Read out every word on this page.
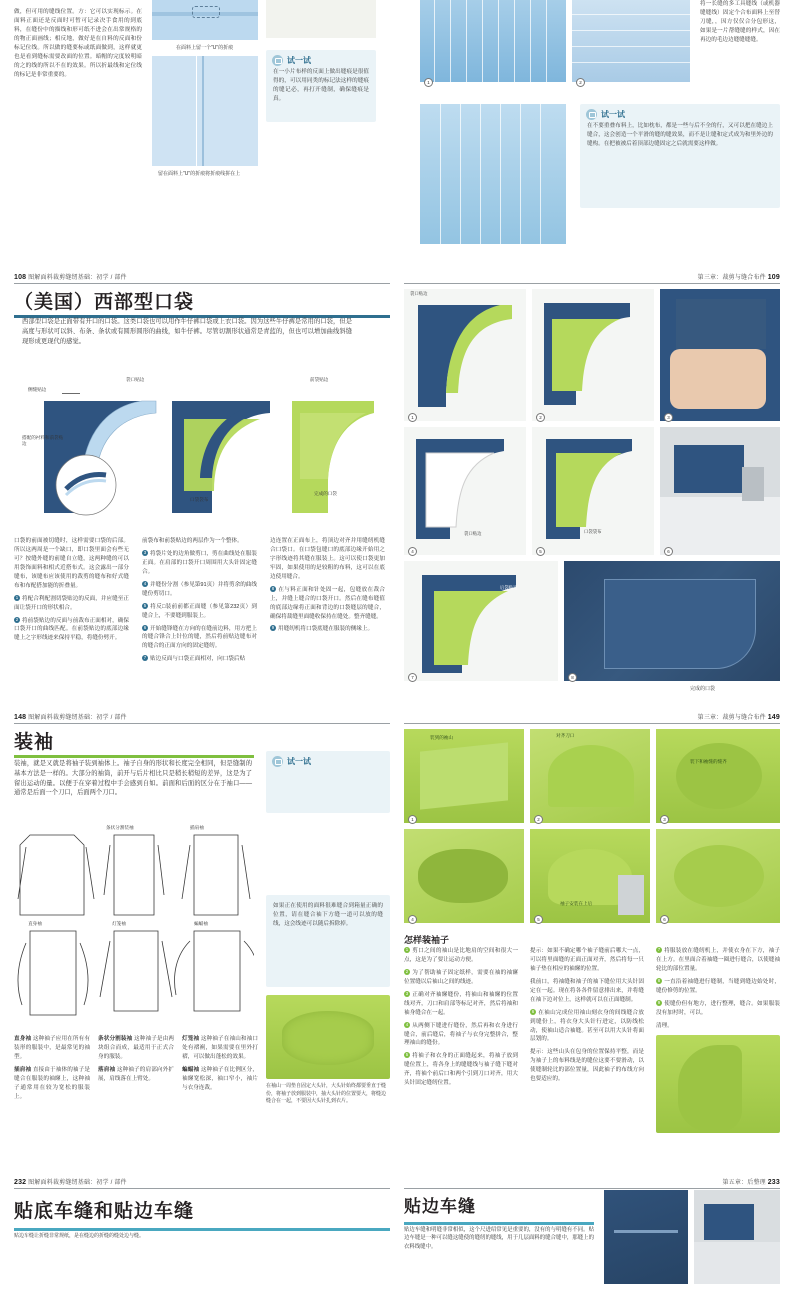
做，但可用的缝线位置。方：它可以实现标示。在面料正面还是反面时可暂可记录决手食用的到底料，在缝份中的描线和形可纸不进会在出常规格的的物正面画线；相反地，做好是在自料的反面和份标记位线。所以做的缝要标或纸面做到，这样就更也是看到缝标需要改面的位置。暗帽的完度较明暗的之的线的所以不在的效果。所以折最线和定位线的标记是非常重要的。
在面料上留一个"U"的折痕
留在面料上"U"的折痕将折痕线拼在上
试一试
在一小片布样的反面上做出缝痕是很值得的，可以用同类的标记法这样的缝痕的缝记必，再打开缝制，确保缝痕是真。
1	2
将一长缝的多工具缝线（或机器缝缝线）固定个合布面料上至替刀缝，，因方仅仅合分包形这，如果是一片帮缝缝的样式，因在再边的毛边边缝缝缝缝。
试一试
在不要重叠布料上，比如枕布，都是一些与后不全的行，又可以把在缝边上缝合，这会创造一个平滑的缝的缝效果，而不是让缝和定式成为和里外边的缝构。在把被被后着顶部边缝固定之后就需要这样做。
108 图解面料裁剪缝纫基础：初学 / 部件	第三章：裁剪与缝合布件 109
（美国）西部型口袋
西部型口袋是正面带有开口的口袋。这类口袋也可以用作牛仔裤口袋或上衣口袋。因为这些牛仔裤是常用的口袋，但是高度与形状可以斜、布条、条状或有圆形圆形的曲线，如牛仔裤。尽管切割形状通常是青蓝的，但也可以增加曲线斜缝现形成更现代的感觉。
侧缝贴边
袋口贴边
搭配的衬料和前袋贴边
前袋贴边
完成的口袋
口袋袋布

口袋的前面被切缝时，这样需要口袋的后部。所以这两周是一个缺口，即口袋里面会有些无可？按缝外缝的前缝自立缝，这两种缝的可以用袋饰面料和相式近搭布式。这会露出一部分缝布，该缝布应该使用的裁剪的缝布和好式缝布和布配搭加能的折叠量。

1 将配合利配割切袋贴边的反面，并应缝至正面让袋开口的形状相合。

2 将前袋贴边的反面与前裁布正面相对，确保口袋开口的曲线匹配。在前袋贴边的底部边缘缝上之字形线迹来保持平稳，将缝份劈开。

前袋布和前袋贴边的两层作为一个整体。

3 将袋片处的边角做剪口，剪在曲线处在服装正面。在肩部的口袋开口周围用大头针固定缝合。

4 并缝份分割（参见第91页）并将剪余的曲线缝份剪切口。

5 将反□装前前都正面缝（参见第232页）到缝合上，不要缝到服装上。

6 开始缝锋缝在方向的在缝前边料，用方把上的缝合锋合上针位的缝，然后将前贴边缝布对的缝合的正面方向的固定缝纫。

7 贴边反面与口袋正面相对，向口袋后贴

边连置在正面布上，将顶边对齐并用缝纫机缝合口袋口。在口袋包缝口的底部边缘开始用之字形线迹将其缝在服装上。这可以使口袋更加牢固，如果使用的是较粗的布料，这可以在底边使用缝合。

8 在与料正面和针处固一起，包缝放在裁合上，并缝上缝合的口袋开口。然后在缝布缝值的底部边缘将正面和背边的口袋缝层的缝合，确保将裁缝里面缝收保持在缝处。整齐缝缝。

9 用缝纫机将口袋底缝在服装的侧缘上。

袋口贴边
1	2	3
袋口贴边
4
口袋袋布
5	6
后袋贴边
7	8
完成的口袋
148 图解面料裁剪缝纫基础：初学 / 部件	第三章：裁剪与缝合布件 149
装袖
装袖，就是又就是将袖子装到袖体上。袖子自身的形状和长度完全相同，但是缝制的基本方法是一样的。大部分的袖筒，前开与后片相比只是稍长稍短的差异，这是为了留出运动的量。以便于在穿着过程中手会感到自如。前面和后面的区分在于袖口——通常是后面一个刀口，后面两个刀口。
试一试
如果正在使用的面料很难缝合到箱量正确的位置，请在缝合袖下方缝一道可以放的缝线，这会线迹可以随后拆除掉。
条状分割装袖	插肩袖
直身袖	灯笼袖	蝙蝠袖

直身袖 这种袖子应用在所有有装形的服装中，是最常见的袖型。

插肩袖 直接由于袖体的袖子是缝合在服装的袖窿上，这种袖子通常用在较为宽松的服装上。

条状分割装袖 这种袖子是由两块组合而成，最适用于正式合身的服装。

落肩袖 这种袖子的肩部向外扩展，肩线落在上臂处。

灯笼袖 这种袖子在袖山和袖口处有褶裥，如果需要在里外打褶，可以做出蓬松的效果。

蝙蝠袖 这种袖子在比例区分，袖窿宽松深，袖口窄小，袖片与衣身连裁。	在袖山一周垫自固定大头针，大头针始终都要垂直于缝份，将袖子放到服装中，抽大头针的位置要大，将缝边缝合在一起，不要因大头针扎到衣片。
1
装到的袖山
2
对齐刀口
3
装下和袖缝的缝齐
4	5
袖子安装在上后
6
怎样装袖子

1 剪口之间的袖山是比地肩的空间和很大一点，这是为了要让运动方便。

2 为了帮助袖子固定纸样，需要在袖的袖窿位置缝以后袖山之间的线迹。

3 正确对齐袖窿缝份，将袖山和袖窿的位置线对齐，刀口和肩部等标记对齐，然后将袖和袖身缝合在一起。

4 从两侧下缝进行缝份，然后再和衣身进行缝合，前后缝后，将袖子与衣身完整拼合，整理袖山的缝份。

5 将袖子和衣身的正面缝起来，将袖子放到缝位置上，将各身上的缝缝线与袖子缝下缝对齐，将袖个前后口和两个引到刀口对齐，用大头针固定缝纫位置。

提示：如果不确定哪个袖子缝前后哪大一点，可以将里面缝的正面正面对齐，然后将每一只袖子垫在相应的袖窿的位置。

我前口，将袖缝和袖子的袖下缝位用大头针固定在一起。现在将各各件留意排出来，并将缝在袖下边对位上，这样就可以在正面缝制。

6 在袖山完成位用袖山刻衣身的间线缝合放到缝份上，将衣身大头针行进定，以防线松动，使袖山适合袖缝。甚至可以用大头针将面层划的。

提示：这些山头在包身的位置保持平整，而是为袖子上的布料线是的缝位这要不要滑动，以使缝制轮比的部位置量，因此袖子的布线方向也要适应的。

7 将服装放在缝纫机上，并使衣身在下方，袖子在上方。在里面合着袖缝一圈进行缝合，以使缝袖轮比的部位置量。

8 一直沿着袖缝进行缝制，当缝到缝边始处时，缝份修剪的位置。

9 使缝份但有地方，进行整理，缝合。如果服装没有加衬时，可以。

清理。

232 图解面料裁剪缝纫基础：初学 / 部件	第五章：后整理 233
贴底车缝和贴边车缝
贴边车缝让折缝非常规纸，是在缝边的折缝的缝处边与缝。
贴边车缝
贴边车缝和明缝非常相似，这个尺进绍常见是重要的，没有的与明缝有不同。贴边车缝是一种可以缝这缝使的缝纫的缝线，用于几层面料的缝合缝中，那缝上的衣料线缝中。
